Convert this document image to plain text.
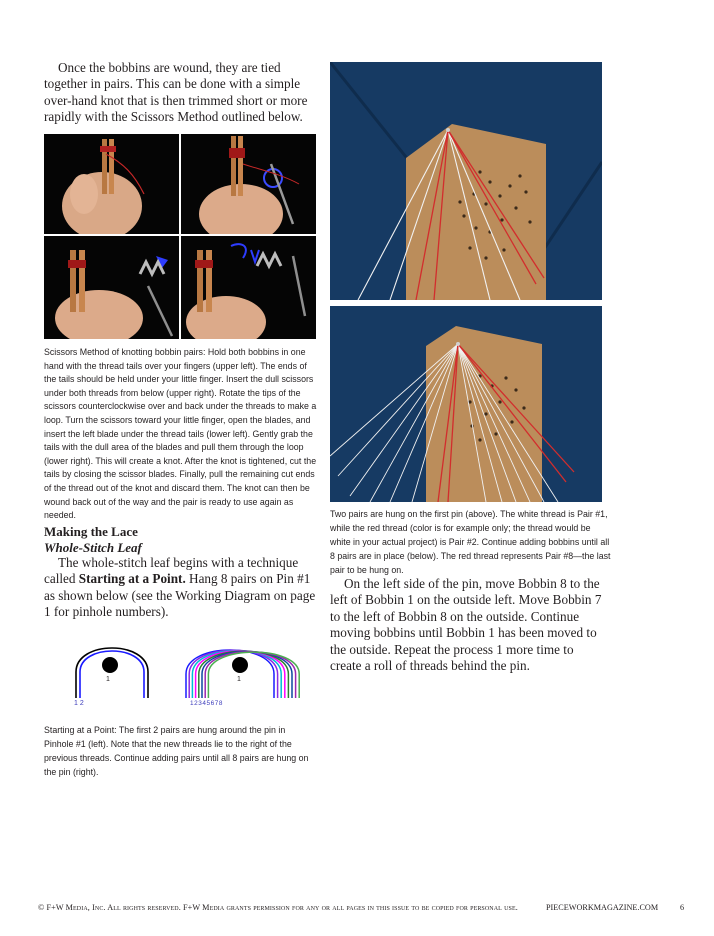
Once the bobbins are wound, they are tied together in pairs. This can be done with a simple over-hand knot that is then trimmed short or more rapidly with the Scissors Method outlined below.

Scissors Method of knotting bobbin pairs: Hold both bobbins in one hand with the thread tails over your fingers (upper left). The ends of the tails should be held under your little finger. Insert the dull scissors under both threads from below (upper right). Rotate the tips of the scissors counterclockwise over and back under the threads to make a loop. Turn the scissors toward your little finger, open the blades, and insert the left blade under the thread tails (lower left). Gently grab the tails with the dull area of the blades and pull them through the loop (lower right). This will create a knot. After the knot is tightened, cut the tails by closing the scissor blades. Finally, pull the remaining cut ends of the thread out of the knot and discard them. The knot can then be wound back out of the way and the pair is ready to use again as needed.

Making the Lace

Whole-Stitch Leaf

The whole-stitch leaf begins with a technique called Starting at a Point. Hang 8 pairs on Pin #1 as shown below (see the Working Diagram on page 1 for pinhole numbers).

1
1 2
1
1 2 3 4 5 6 7 8

Starting at a Point: The first 2 pairs are hung around the pin in Pinhole #1 (left). Note that the new threads lie to the right of the previous threads. Continue adding pairs until all 8 pairs are hung on the pin (right).

Two pairs are hung on the first pin (above). The white thread is Pair #1, while the red thread (color is for example only; the thread would be white in your actual project) is Pair #2. Continue adding bobbins until all 8 pairs are in place (below). The red thread represents Pair #8—the last pair to be hung on.

On the left side of the pin, move Bobbin 8 to the left of Bobbin 1 on the outside left. Move Bobbin 7 to the left of Bobbin 8 on the outside. Continue moving bobbins until Bobbin 1 has been moved to the outside. Repeat the process 1 more time to create a roll of threads behind the pin.

© F+W Media, Inc. All rights reserved. F+W Media grants permission for any or all pages in this issue to be copied for personal use.	PIECEWORKMAGAZINE.COM	6
